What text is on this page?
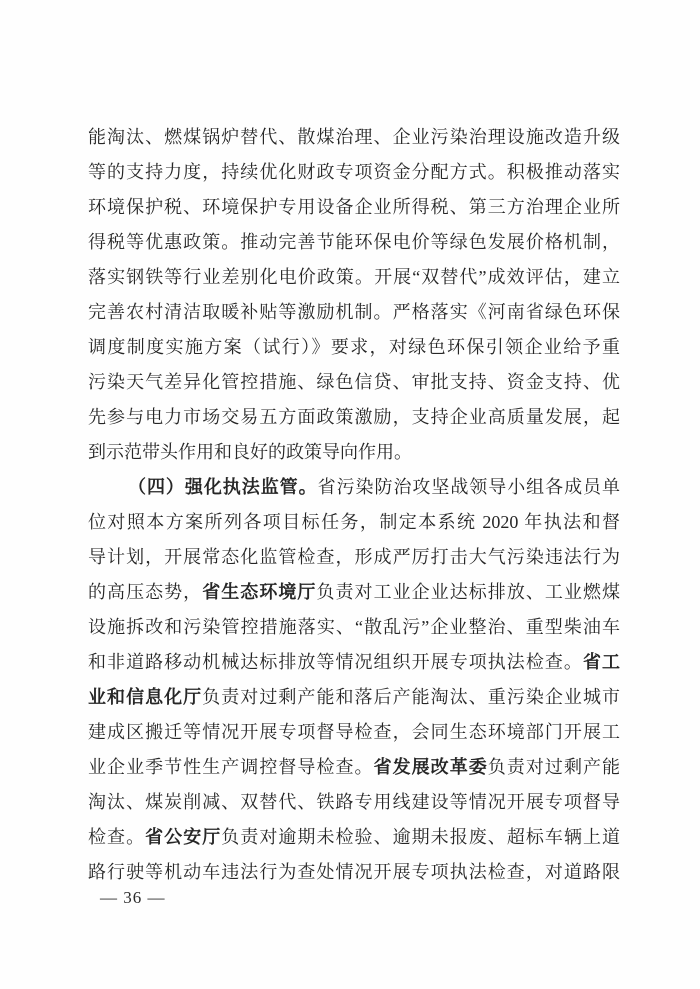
能淘汰、燃煤锅炉替代、散煤治理、企业污染治理设施改造升级
等的支持力度，持续优化财政专项资金分配方式。积极推动落实
环境保护税、环境保护专用设备企业所得税、第三方治理企业所
得税等优惠政策。推动完善节能环保电价等绿色发展价格机制，
落实钢铁等行业差别化电价政策。开展“双替代”成效评估，建立
完善农村清洁取暖补贴等激励机制。严格落实《河南省绿色环保
调度制度实施方案（试行）》要求，对绿色环保引领企业给予重
污染天气差异化管控措施、绿色信贷、审批支持、资金支持、优
先参与电力市场交易五方面政策激励，支持企业高质量发展，起
到示范带头作用和良好的政策导向作用。
（四）强化执法监管。省污染防治攻坚战领导小组各成员单
位对照本方案所列各项目标任务，制定本系统 2020 年执法和督
导计划，开展常态化监管检查，形成严厉打击大气污染违法行为
的高压态势，省生态环境厅负责对工业企业达标排放、工业燃煤
设施拆改和污染管控措施落实、“散乱污”企业整治、重型柴油车
和非道路移动机械达标排放等情况组织开展专项执法检查。省工
业和信息化厅负责对过剩产能和落后产能淘汰、重污染企业城市
建成区搬迁等情况开展专项督导检查，会同生态环境部门开展工
业企业季节性生产调控督导检查。省发展改革委负责对过剩产能
淘汰、煤炭削减、双替代、铁路专用线建设等情况开展专项督导
检查。省公安厅负责对逾期未检验、逾期未报废、超标车辆上道
路行驶等机动车违法行为查处情况开展专项执法检查，对道路限
— 36 —
